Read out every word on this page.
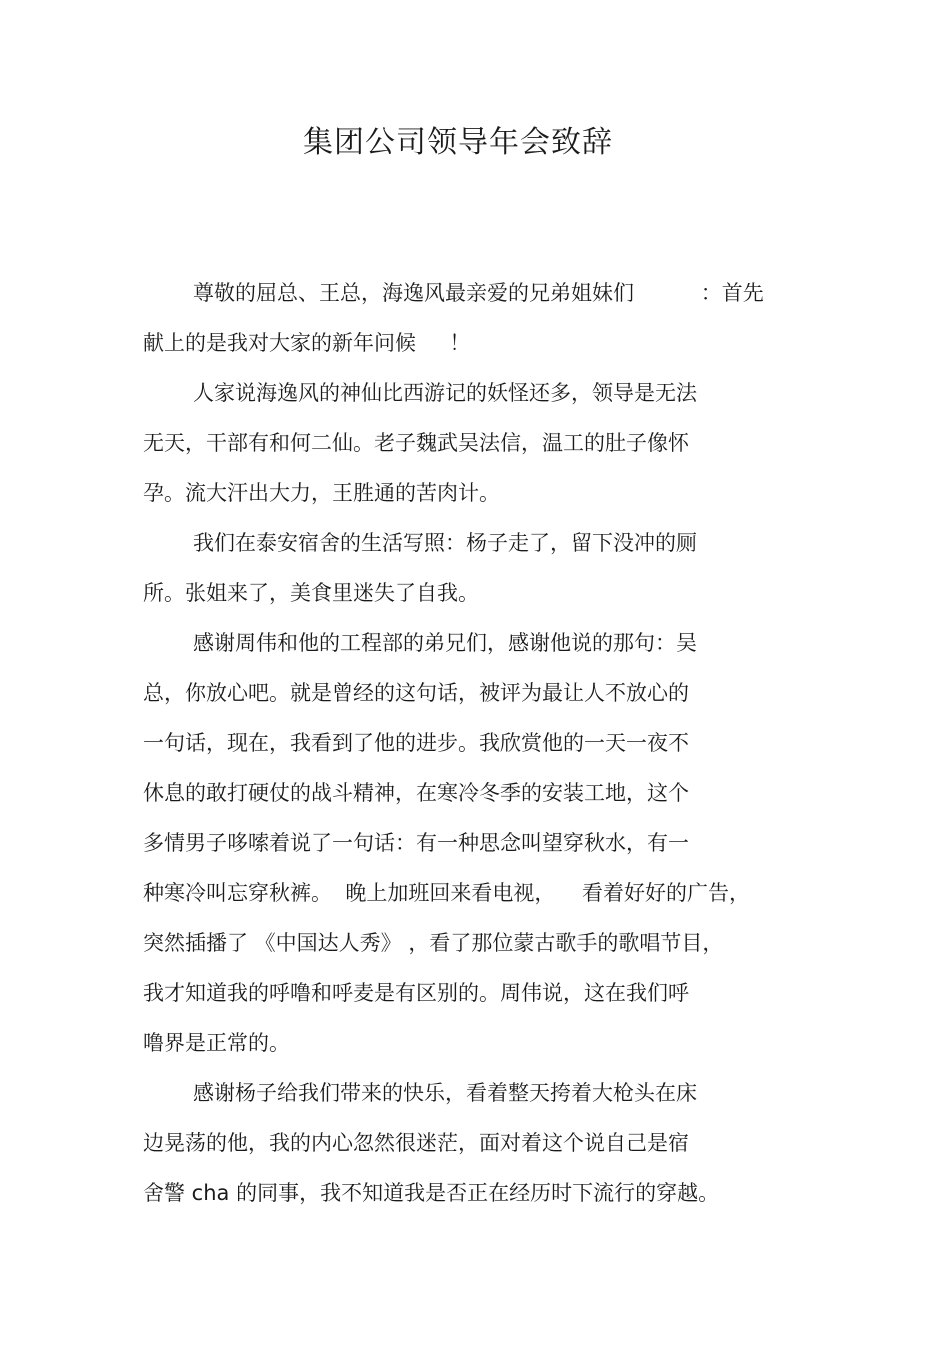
集团公司领导年会致辞
尊敬的屈总、王总，海逸风最亲爱的兄弟姐妹们          ：首先
献上的是我对大家的新年问候     ！
人家说海逸风的神仙比西游记的妖怪还多，领导是无法
无天，干部有和何二仙。老子魏武吴法信，温工的肚子像怀
孕。流大汗出大力，王胜通的苦肉计。
我们在泰安宿舍的生活写照：杨子走了，留下没冲的厕
所。张姐来了，美食里迷失了自我。
感谢周伟和他的工程部的弟兄们，感谢他说的那句：吴
总，你放心吧。就是曾经的这句话，被评为最让人不放心的
一句话，现在，我看到了他的进步。我欣赏他的一天一夜不
休息的敢打硬仗的战斗精神，在寒冷冬季的安装工地，这个
多情男子哆嗦着说了一句话：有一种思念叫望穿秋水，有一
种寒冷叫忘穿秋裤。  晚上加班回来看电视，    看着好好的广告，
突然插播了 《中国达人秀》 ，看了那位蒙古歌手的歌唱节目，
我才知道我的呼噜和呼麦是有区别的。周伟说，这在我们呼
噜界是正常的。
感谢杨子给我们带来的快乐，看着整天挎着大枪头在床
边晃荡的他，我的内心忽然很迷茫，面对着这个说自己是宿
舍警 cha 的同事，我不知道我是否正在经历时下流行的穿越。
